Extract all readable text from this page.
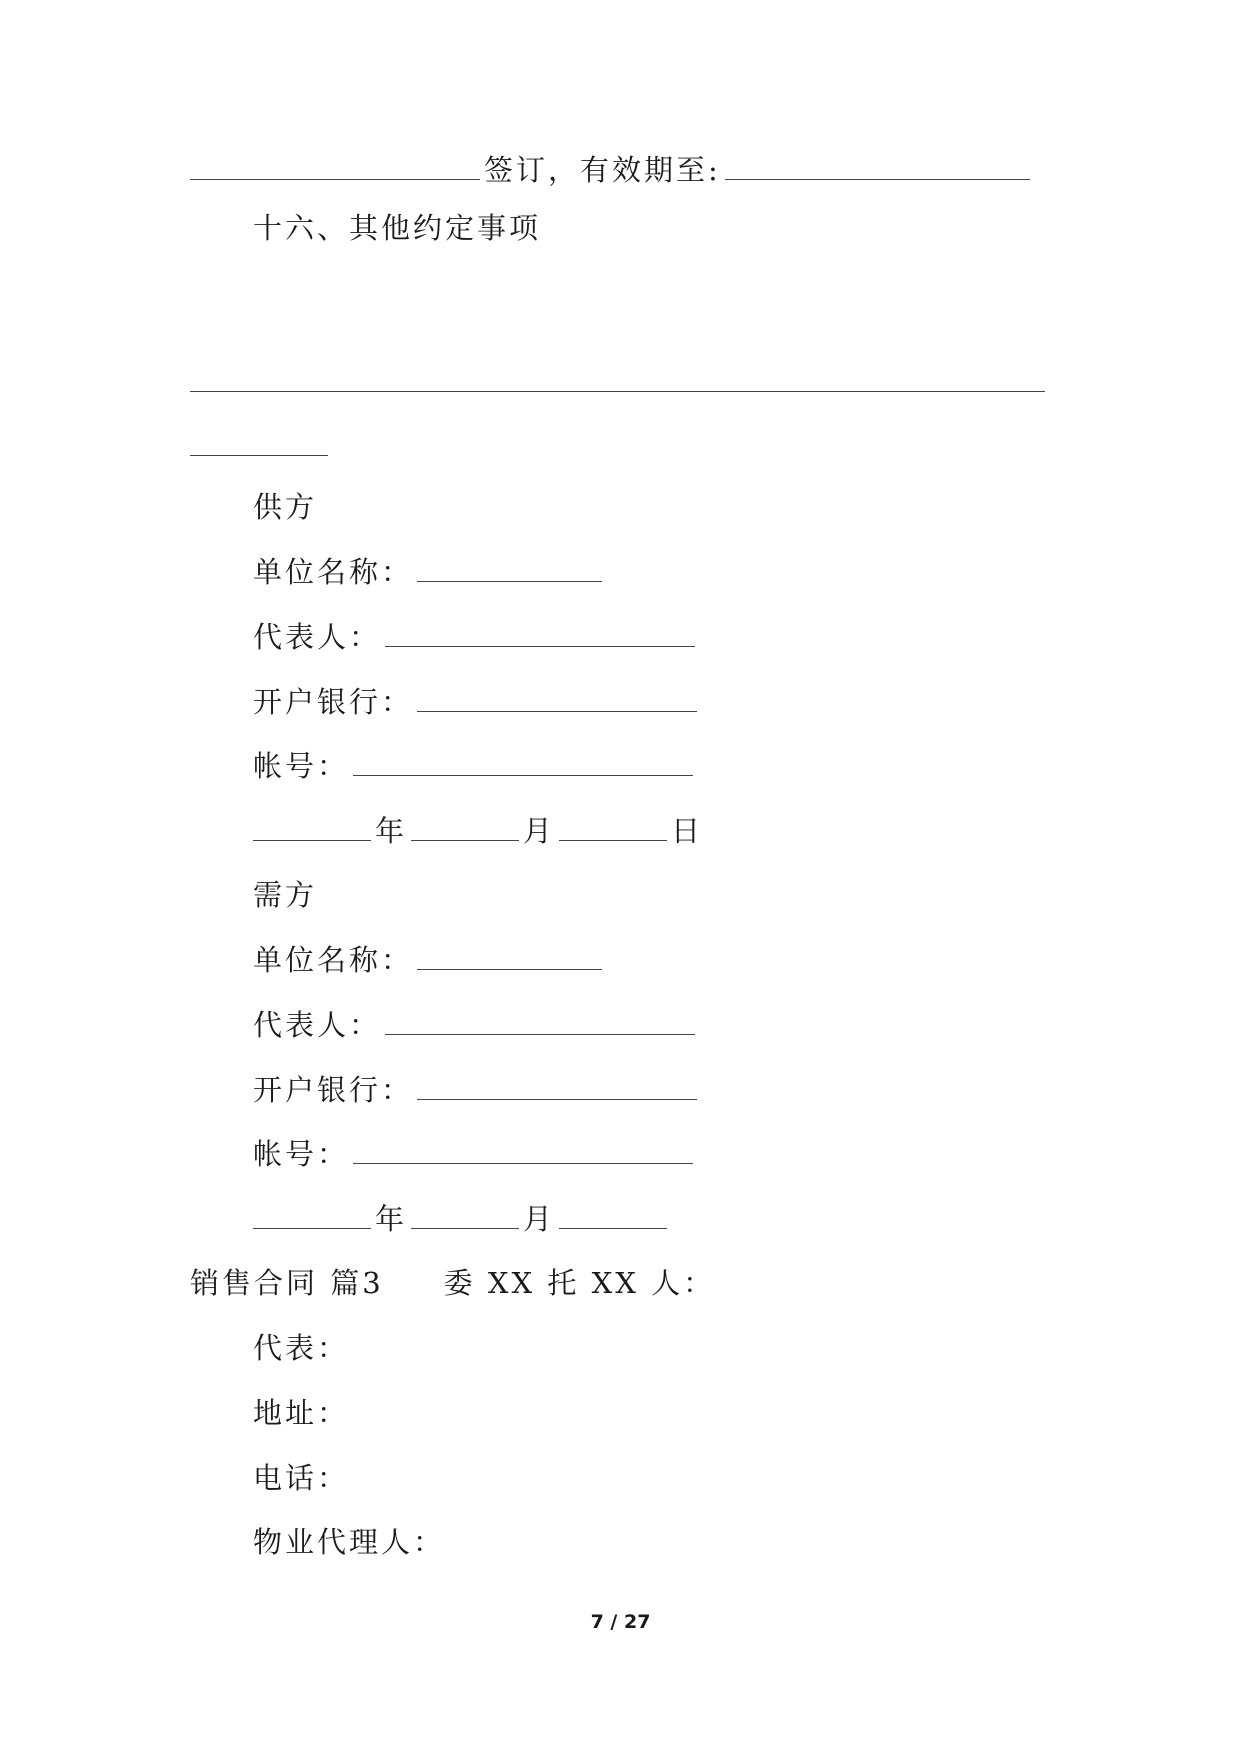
签订，有效期至:
十六、其他约定事项
供方
单位名称：
代表人：
开户银行：
帐号：
年	月	日
需方
单位名称：
代表人：
开户银行：
帐号：
年	月
销售合同 篇3 委 XX 托 XX 人：
代表：
地址：
电话：
物业代理人：
7 / 27
